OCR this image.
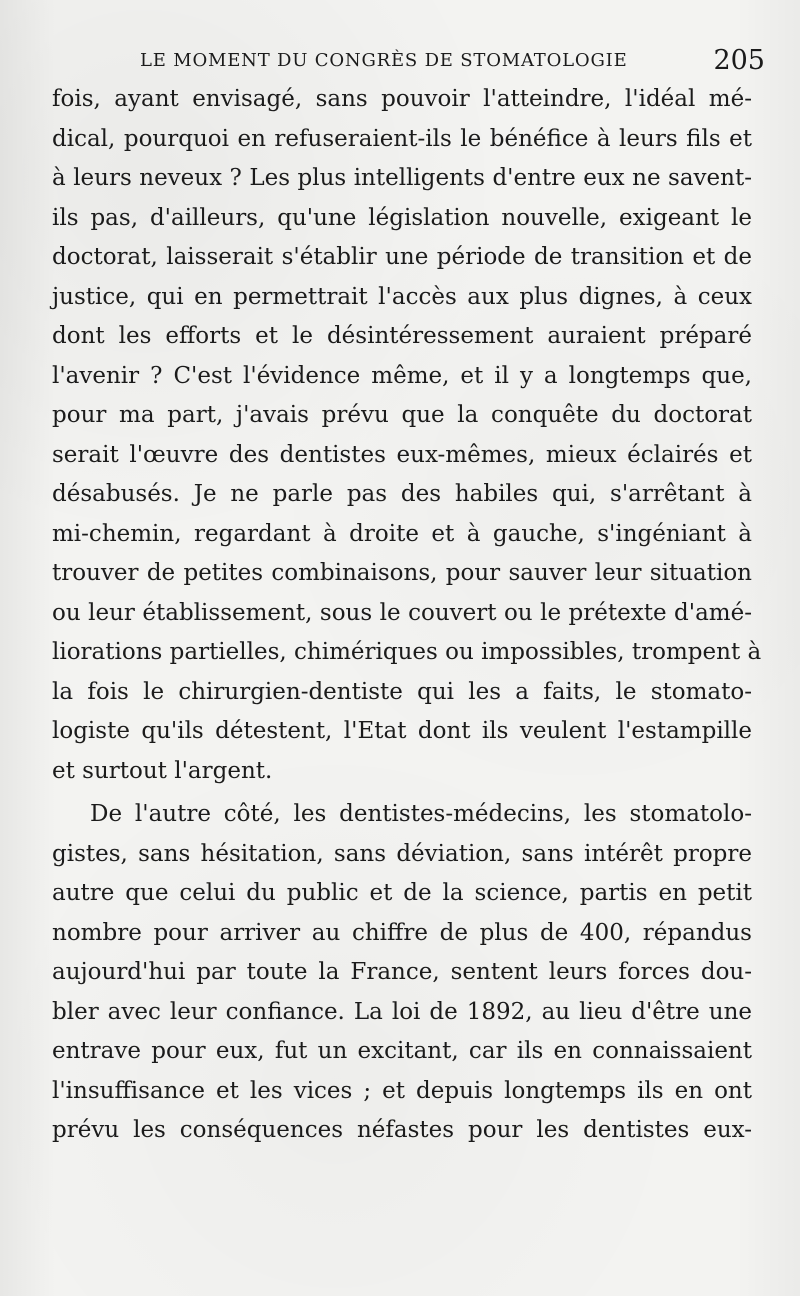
LE MOMENT DU CONGRÈS DE STOMATOLOGIE	205
fois, ayant envisagé, sans pouvoir l'atteindre, l'idéal mé-
dical, pourquoi en refuseraient-ils le bénéfice à leurs fils et
à leurs neveux ? Les plus intelligents d'entre eux ne savent-
ils pas, d'ailleurs, qu'une législation nouvelle, exigeant le
doctorat, laisserait s'établir une période de transition et de
justice, qui en permettrait l'accès aux plus dignes, à ceux
dont les efforts et le désintéressement auraient préparé
l'avenir ? C'est l'évidence même, et il y a longtemps que,
pour ma part, j'avais prévu que la conquête du doctorat
serait l'œuvre des dentistes eux-mêmes, mieux éclairés et
désabusés. Je ne parle pas des habiles qui, s'arrêtant à
mi-chemin, regardant à droite et à gauche, s'ingéniant à
trouver de petites combinaisons, pour sauver leur situation
ou leur établissement, sous le couvert ou le prétexte d'amé-
liorations partielles, chimériques ou impossibles, trompent à
la fois le chirurgien-dentiste qui les a faits, le stomato-
logiste qu'ils détestent, l'Etat dont ils veulent l'estampille
et surtout l'argent.
De l'autre côté, les dentistes-médecins, les stomatolo-
gistes, sans hésitation, sans déviation, sans intérêt propre
autre que celui du public et de la science, partis en petit
nombre pour arriver au chiffre de plus de 400, répandus
aujourd'hui par toute la France, sentent leurs forces dou-
bler avec leur confiance. La loi de 1892, au lieu d'être une
entrave pour eux, fut un excitant, car ils en connaissaient
l'insuffisance et les vices ; et depuis longtemps ils en ont
prévu les conséquences néfastes pour les dentistes eux-
